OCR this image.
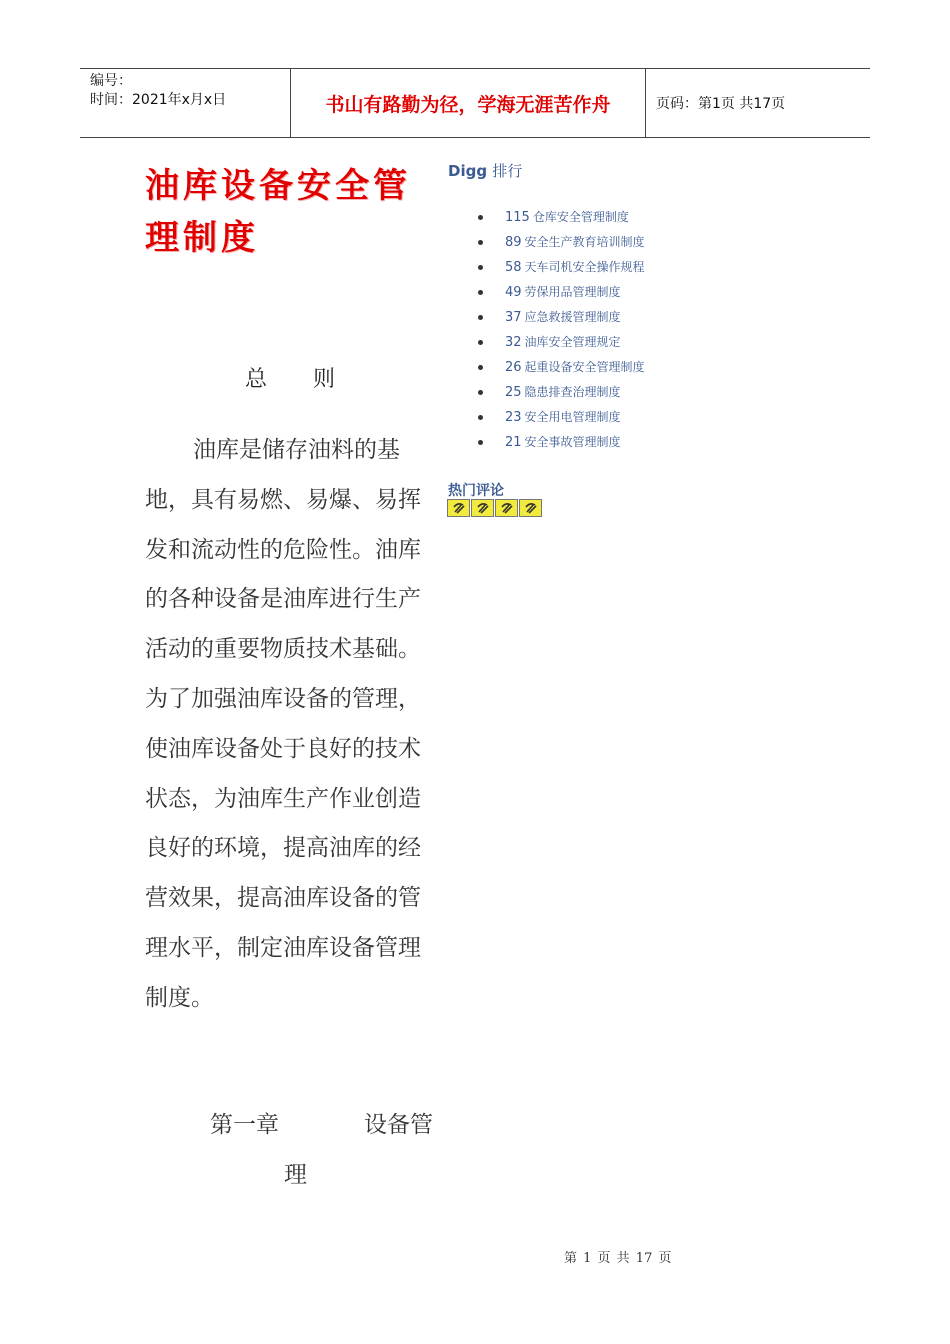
编号：
时间：2021年x月x日	书山有路勤为径，学海无涯苦作舟	页码：第1页 共17页
油库设备安全管理制度
总 则

油库是储存油料的基地，具有易燃、易爆、易挥发和流动性的危险性。油库的各种设备是油库进行生产活动的重要物质技术基础。为了加强油库设备的管理，使油库设备处于良好的技术状态，为油库生产作业创造良好的环境，提高油库的经营效果，提高油库设备的管理水平，制定油库设备管理制度。

第一章	设备管
理
Digg 排行
115 仓库安全管理制度
89 安全生产教育培训制度
58 天车司机安全操作规程
49 劳保用品管理制度
37 应急救援管理制度
32 油库安全管理规定
26 起重设备安全管理制度
25 隐患排查治理制度
23 安全用电管理制度
21 安全事故管理制度
热门评论
第 1 页 共 17 页
